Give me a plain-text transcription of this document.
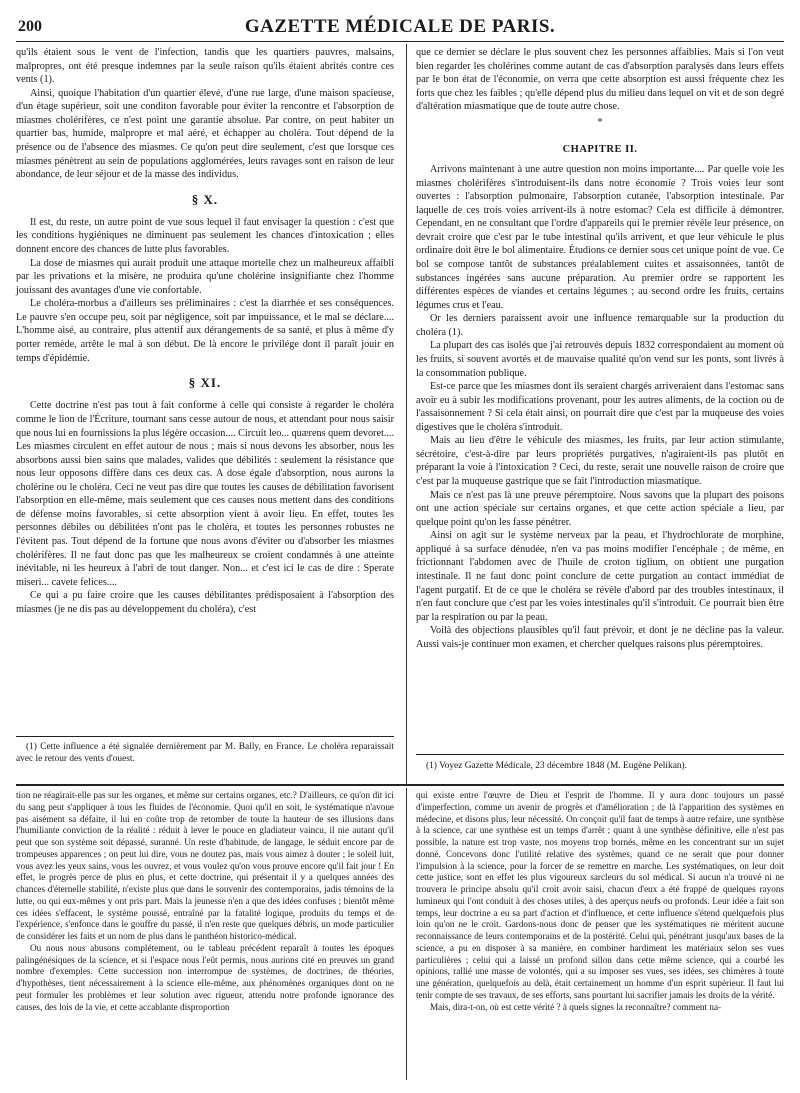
200	GAZETTE MÉDICALE DE PARIS.

qu'ils étaient sous le vent de l'infection, tandis que les quartiers pauvres, malsains, malpropres, ont été presque indemnes par la seule raison qu'ils étaient abrités contre ces vents (1).

Ainsi, quoique l'habitation d'un quartier élevé, d'une rue large, d'une maison spacieuse, d'un étage supérieur, soit une conditon favorable pour éviter la rencontre et l'absorption de miasmes cholérifères, ce n'est point une garantie absolue. Par contre, on peut habiter un quartier bas, humide, malpropre et mal aéré, et échapper au choléra. Tout dépend de la présence ou de l'absence des miasmes. Ce qu'on peut dire seulement, c'est que lorsque ces miasmes pénètrent au sein de populations agglomérées, leurs ravages sont en raison de leur abondance, de leur séjour et de la masse des individus.

§ X.

Il est, du reste, un autre point de vue sous lequel il faut envisager la question : c'est que les conditions hygiéniques ne diminuent pas seulement les chances d'intoxication ; elles donnent encore des chances de lutte plus favorables.

La dose de miasmes qui aurait produit une attaque mortelle chez un malheureux affaibli par les privations et la misère, ne produira qu'une cholérine insignifiante chez l'homme jouissant des avantages d'une vie confortable.

Le choléra-morbus a d'ailleurs ses préliminaires : c'est la diarrhée et ses conséquences. Le pauvre s'en occupe peu, soit par négligence, soit par impuissance, et le mal se déclare.... L'homme aisé, au contraire, plus attentif aux dérangements de sa santé, et plus à même d'y porter remède, arrête le mal à son début. De là encore le privilége dont il paraît jouir en temps d'épidémie.

§ XI.

Cette doctrine n'est pas tout à fait conforme à celle qui consiste à regarder le choléra comme le lion de l'Écriture, tournant sans cesse autour de nous, et attendant pour nous saisir que nous lui en fournissions la plus légère occasion.... Circuit leo... quærens quem devoret.... Les miasmes circulent en effet autour de nous ; mais si nous devons les absorber, nous les absorbons aussi bien sains que malades, valides que débilités : seulement la résistance que nous leur opposons diffère dans ces deux cas. A dose égale d'absorption, nous aurons la cholérine ou le choléra. Ceci ne veut pas dire que toutes les causes de débilitation favorisent l'absorption en elle-même, mais seulement que ces causes nous mettent dans des conditions de défense moins favorables, si cette absorption vient à avoir lieu. En effet, toutes les personnes débiles ou débilitées n'ont pas le choléra, et toutes les personnes robustes ne l'évitent pas. Tout dépend de la fortune que nous avons d'éviter ou d'absorber les miasmes cholérifères. Il ne faut donc pas que les malheureux se croient condamnés à une atteinte inévitable, ni les heureux à l'abri de tout danger. Non... et c'est ici le cas de dire : Sperate miseri... cavete felices....

Ce qui a pu faire croire que les causes débilitantes prédisposaient à l'absorption des miasmes (je ne dis pas au développement du choléra), c'est

que ce dernier se déclare le plus souvent chez les personnes affaiblies. Mais si l'on veut bien regarder les cholérines comme autant de cas d'absorption paralysés dans leurs effets par le bon état de l'économie, on verra que cette absorption est aussi fréquente chez les forts que chez les faibles ; qu'elle dépend plus du milieu dans lequel on vit et de son degré d'altération miasmatique que de toute autre chose.

*
CHAPITRE II.

Arrivons maintenant à une autre question non moins importante.... Par quelle voie les miasmes cholérifères s'introduisent-ils dans notre économie ? Trois voies leur sont ouvertes : l'absorption pulmonaire, l'absorption cutanée, l'absorption intestinale. Par laquelle de ces trois voies arrivent-ils à notre estomac? Cela est difficile à démontrer. Cependant, en ne consultant que l'ordre d'appareils qui le premier révèle leur présence, on devrait croire que c'est par le tube intestinal qu'ils arrivent, et que leur véhicule le plus ordinaire doit être le bol alimentaire. Étudions ce dernier sous cet unique point de vue. Ce bol se compose tantôt de substances préalablement cuites et assaisonnées, tantôt de substances ingérées sans aucune préparation. Au premier ordre se rapportent les différentes espèces de viandes et certains légumes ; au second ordre les fruits, certains légumes crus et l'eau.

Or les derniers paraissent avoir une influence remarquable sur la production du choléra (1).

La plupart des cas isolés que j'ai retrouvés depuis 1832 correspondaient au moment où les fruits, si souvent avortés et de mauvaise qualité qu'on vend sur les ponts, sont livrés à la consommation publique.

Est-ce parce que les miasmes dont ils seraient chargés arriveraient dans l'estomac sans avoir eu à subir les modifications provenant, pour les autres aliments, de la coction ou de l'assaisonnement ? Si cela était ainsi, on pourrait dire que c'est par la muqueuse des voies digestives que le choléra s'introduit.

Mais au lieu d'être le véhicule des miasmes, les fruits, par leur action stimulante, sécrétoire, c'est-à-dire par leurs propriétés purgatives, n'agiraient-ils pas plutôt en préparant la voie à l'intoxication ? Ceci, du reste, serait une nouvelle raison de croire que c'est par la muqueuse gastrique que se fait l'introduction miasmatique.

Mais ce n'est pas là une preuve péremptoire. Nous savons que la plupart des poisons ont une action spéciale sur certains organes, et que cette action spéciale a lieu, par quelque point qu'on les fasse pénétrer.

Ainsi on agit sur le système nerveux par la peau, et l'hydrochlorate de morphine, appliqué à sa surface dénudée, n'en va pas moins modifier l'encéphale ; de même, en frictionnant l'abdomen avec de l'huile de croton tiglium, on obtient une purgation intestinale. Il ne faut donc point conclure de cette purgation au contact immédiat de l'agent purgatif. Et de ce que le choléra se révèle d'abord par des troubles intestinaux, il n'en faut conclure que c'est par les voies intestinales qu'il s'introduit. Ce pourrait bien être par la respiration ou par la peau.

Voilà des objections plausibles qu'il faut prévoir, et dont je ne décline pas la valeur. Aussi vais-je continuer mon examen, et chercher quelques raisons plus péremptoires.

(1) Cette influence a été signalée dernièrement par M. Bally, en France. Le choléra reparaissait avec le retour des vents d'ouest.

(1) Voyez Gazette Médicale, 23 décembre 1848 (M. Eugène Pelikan).

tion ne réagirait-elle pas sur les organes, et même sur certains organes, etc.? D'ailleurs, ce qu'on dit ici du sang peut s'appliquer à tous les fluides de l'économie. Quoi qu'il en soit, le systématique n'avoue pas aisément sa défaite, il lui en coûte trop de retomber de toute la hauteur de ses illusions dans l'humiliante conviction de la réalité : réduit à lever le pouce en gladiateur vaincu, il nie autant qu'il peut que son système soit dépassé, suranné. Un reste d'habitude, de langage, le séduit encore par de trompeuses apparences ; on peut lui dire, vous ne doutez pas, mais vous aimez à douter ; le soleil luit, vous avez les yeux sains, vous les ouvrez, et vous voulez qu'on vous prouve encore qu'il fait jour ! En effet, le progrès perce de plus en plus, et cette doctrine, qui présentait il y a quelques années des chances d'éternelle stabilité, n'existe plus que dans le souvenir des contemporains, jadis témoins de la lutte, ou qui eux-mêmes y ont pris part. Mais la jeunesse n'en a que des idées confuses ; bientôt même ces idées s'effacent, le système poussé, entraîné par la fatalité logique, produits du temps et de l'expérience, s'enfonce dans le gouffre du passé, il n'en reste que quelques débris, un mode particulier de considérer les faits et un nom de plus dans le panthéon historico-médical.

Ou nous nous abusons complétement, ou le tableau précédent reparaît à toutes les époques palingénésiques de la science, et si l'espace nous l'eût permis, nous aurions cité en preuves un grand nombre d'exemples. Cette succession non interrompue de systèmes, de doctrines, de théories, d'hypothèses, tient nécessairement à la science elle-même, aux phénomènes organiques dont on ne peut formuler les problèmes et leur solution avec rigueur, attendu notre profonde ignorance des causes, des lois de la vie, et cette accablante disproportion

qui existe entre l'œuvre de Dieu et l'esprit de l'homme. Il y aura donc toujours un passé d'imperfection, comme un avenir de progrès et d'amélioration ; de là l'apparition des systèmes en médecine, et disons plus, leur nécessité. On conçoit qu'il faut de temps à autre refaire, une synthèse à la science, car une synthèse est un temps d'arrêt ; quant à une synthèse définitive, elle n'est pas possible, la nature est trop vaste, nos moyens trop bornés, même en les concentrant sur un sujet donné. Concevons donc l'utilité relative des systèmes, quand ce ne serait que pour donner l'impulsion à la science, pour la forcer de se remettre en marche. Les systématiques, on leur doit cette justice, sont en effet les plus vigoureux sarcleurs du sol médical. Si aucun n'a trouvé ni ne trouvera le principe absolu qu'il croit avoir saisi, chacun d'eux a été frappé de quelques rayons lumineux qui l'ont conduit à des choses utiles, à des aperçus neufs ou profonds. Leur idée a fait son temps, leur doctrine a eu sa part d'action et d'influence, et cette influence s'étend quelquefois plus loin qu'on ne le croit. Gardons-nous donc de penser que les systématiques ne méritent aucune reconnaissance de leurs contemporains et de la postérité. Celui qui, pénétrant jusqu'aux bases de la science, a pu en disposer à sa manière, en combiner hardiment les matériaux selon ses vues particulières ; celui qui a laissé un profond sillon dans cette même science, qui a courbé les opinions, rallié une masse de volontés, qui a su imposer ses vues, ses idées, ses chimères à toute une génération, quelquefois au delà, était certainement un homme d'un esprit supérieur. Il faut lui tenir compte de ses travaux, de ses efforts, sans pourtant lui sacrifier jamais les droits de la vérité.

Mais, dira-t-on, où est cette vérité ? à quels signes la reconnaître? comment na-
